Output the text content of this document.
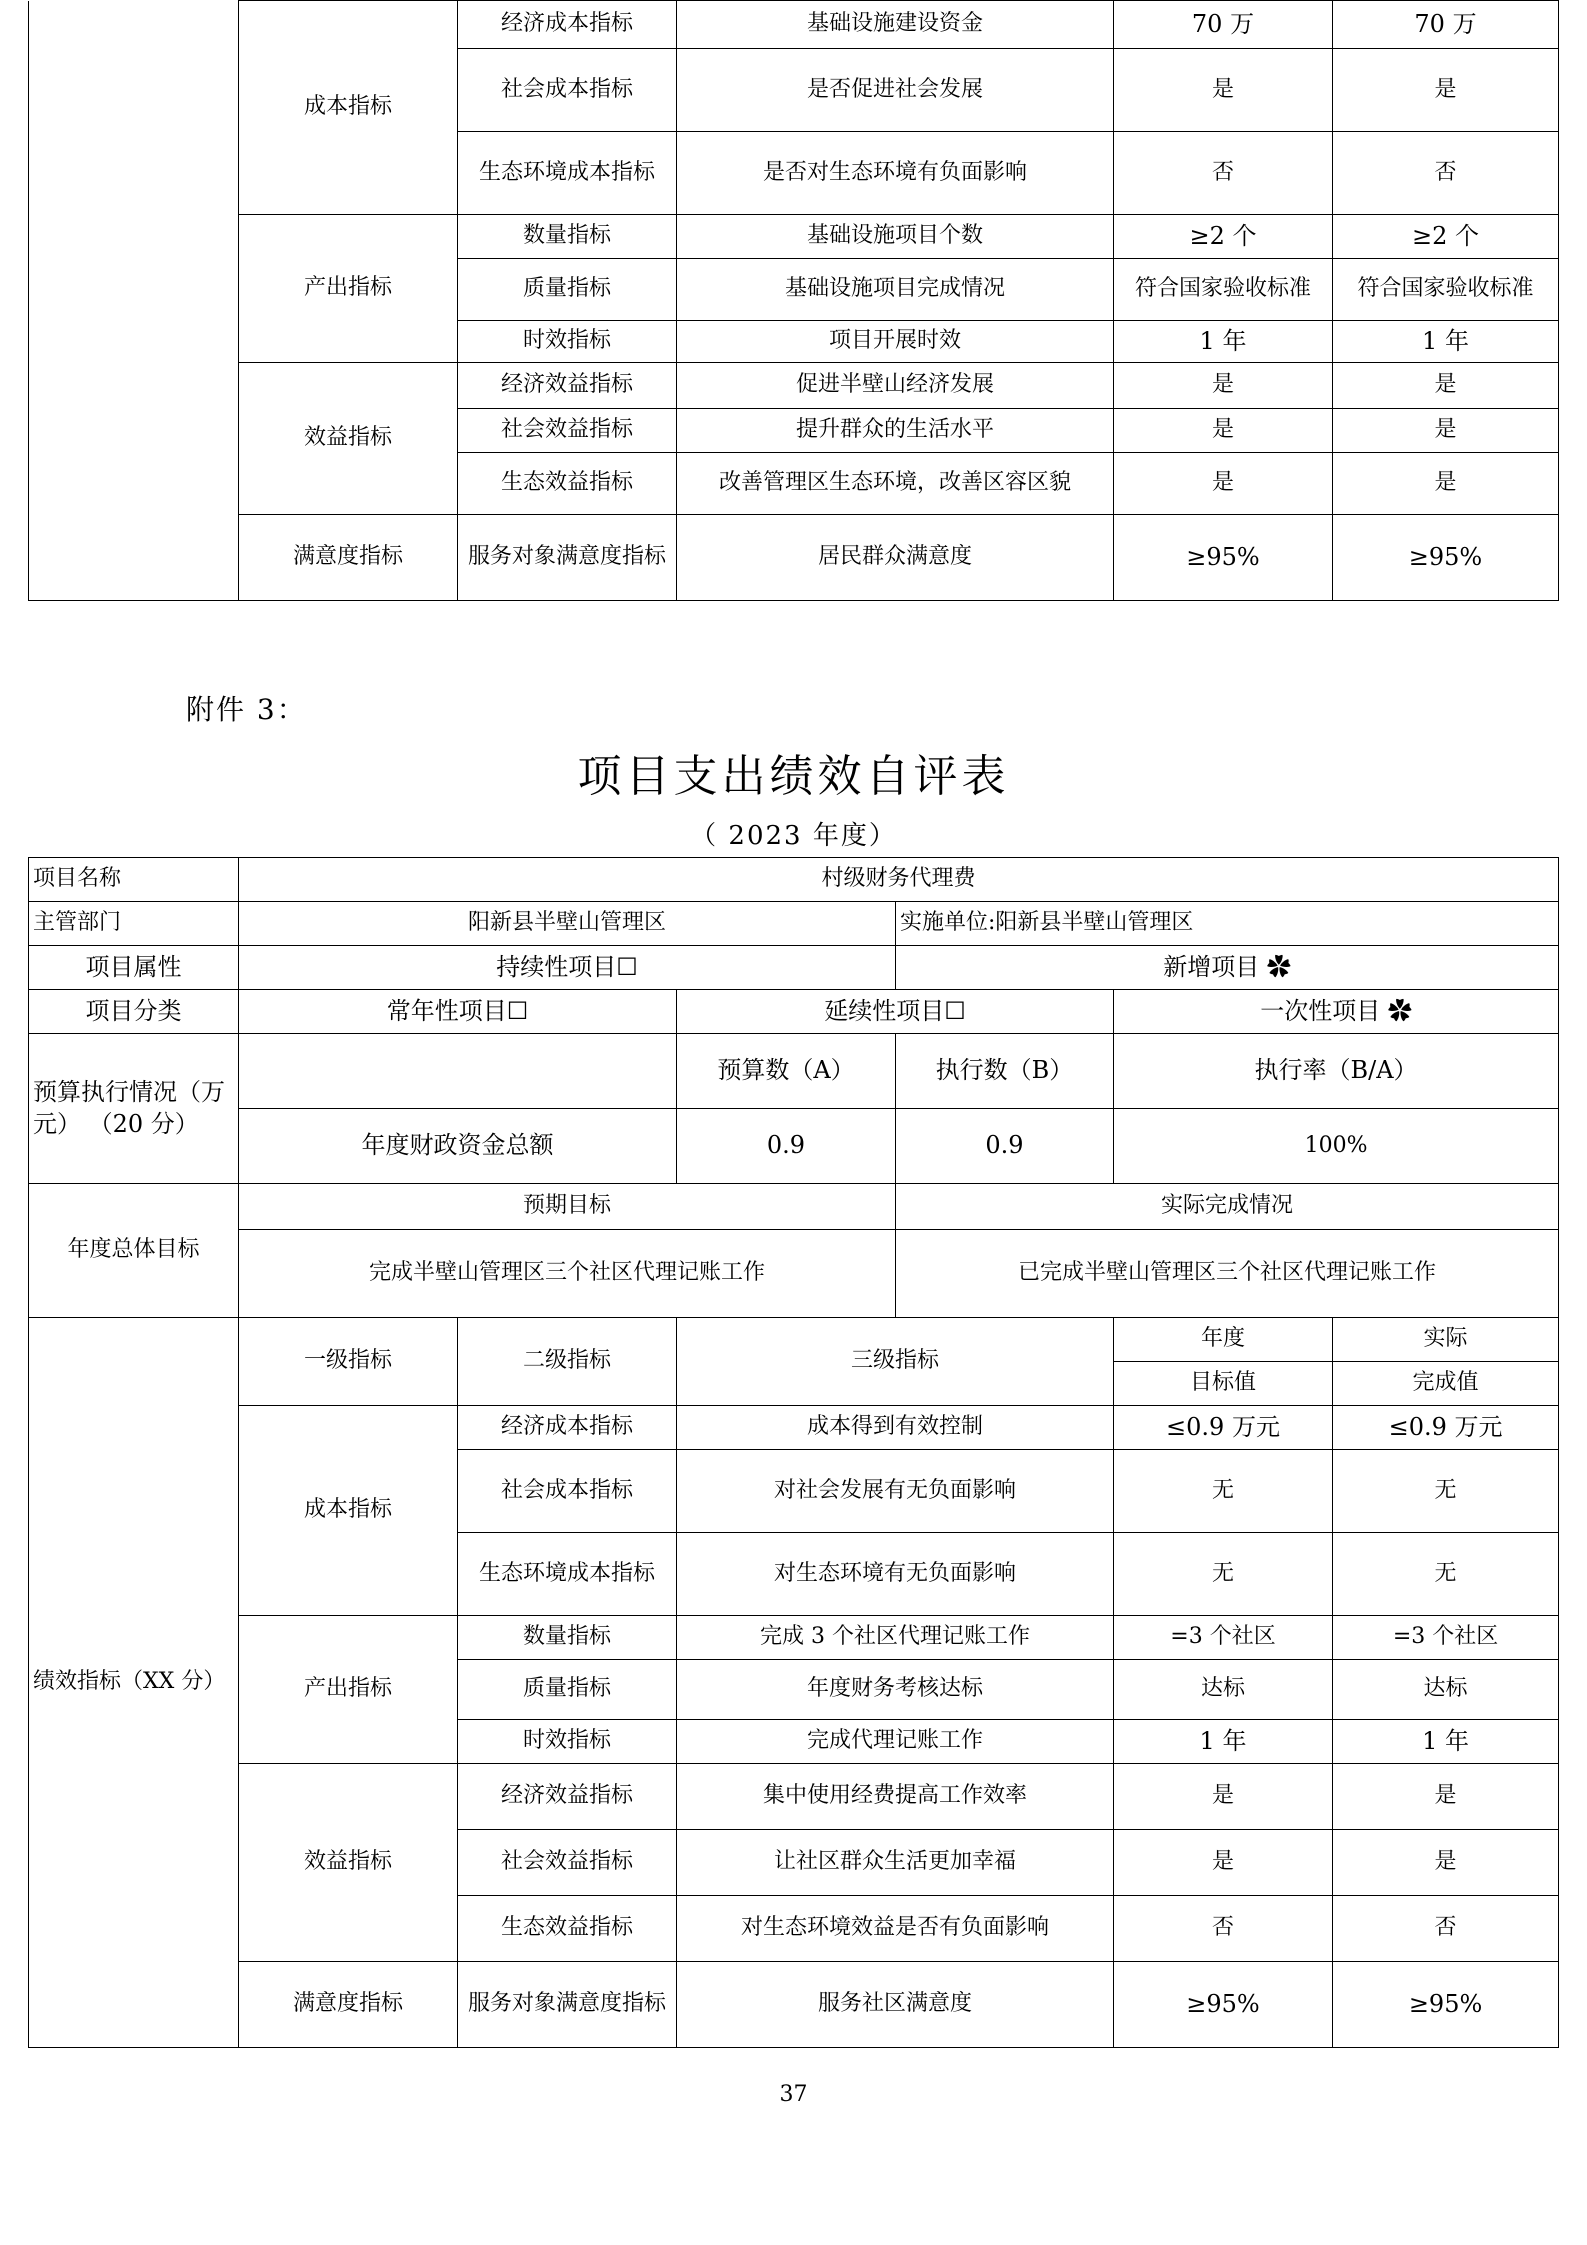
	成本指标	经济成本指标	基础设施建设资金	70 万	70 万
		社会成本指标	是否促进社会发展	是	是
		生态环境成本指标	是否对生态环境有负面影响	否	否
	产出指标	数量指标	基础设施项目个数	≥2 个	≥2 个
		质量指标	基础设施项目完成情况	符合国家验收标准	符合国家验收标准
		时效指标	项目开展时效	1 年	1 年
	效益指标	经济效益指标	促进半壁山经济发展	是	是
		社会效益指标	提升群众的生活水平	是	是
		生态效益指标	改善管理区生态环境，改善区容区貌	是	是
	满意度指标	服务对象满意度指标	居民群众满意度	≥95%	≥95%
附件 3：
项目支出绩效自评表
（ 2023 年度）
项目名称	村级财务代理费					
主管部门	阳新县半壁山管理区			实施单位:阳新县半壁山管理区		
项目属性	持续性项目☐			新增项目 ✿		
项目分类	常年性项目☐		延续性项目☐		一次性项目 ✿	
预算执行情况（万元） （20 分）			预算数（A）	执行数（B）	执行率（B/A）	
	年度财政资金总额		0.9	0.9	100%	
年度总体目标	预期目标			实际完成情况		
	完成半壁山管理区三个社区代理记账工作			已完成半壁山管理区三个社区代理记账工作		
绩效指标（XX 分）	一级指标	二级指标	三级指标		年度	实际
					目标值	完成值
	成本指标	经济成本指标	成本得到有效控制		≤0.9 万元	≤0.9 万元
		社会成本指标	对社会发展有无负面影响		无	无
		生态环境成本指标	对生态环境有无负面影响		无	无
	产出指标	数量指标	完成 3 个社区代理记账工作		=3 个社区	=3 个社区
		质量指标	年度财务考核达标		达标	达标
		时效指标	完成代理记账工作		1 年	1 年
	效益指标	经济效益指标	集中使用经费提高工作效率		是	是
		社会效益指标	让社区群众生活更加幸福		是	是
		生态效益指标	对生态环境效益是否有负面影响		否	否
	满意度指标	服务对象满意度指标	服务社区满意度		≥95%	≥95%
37
